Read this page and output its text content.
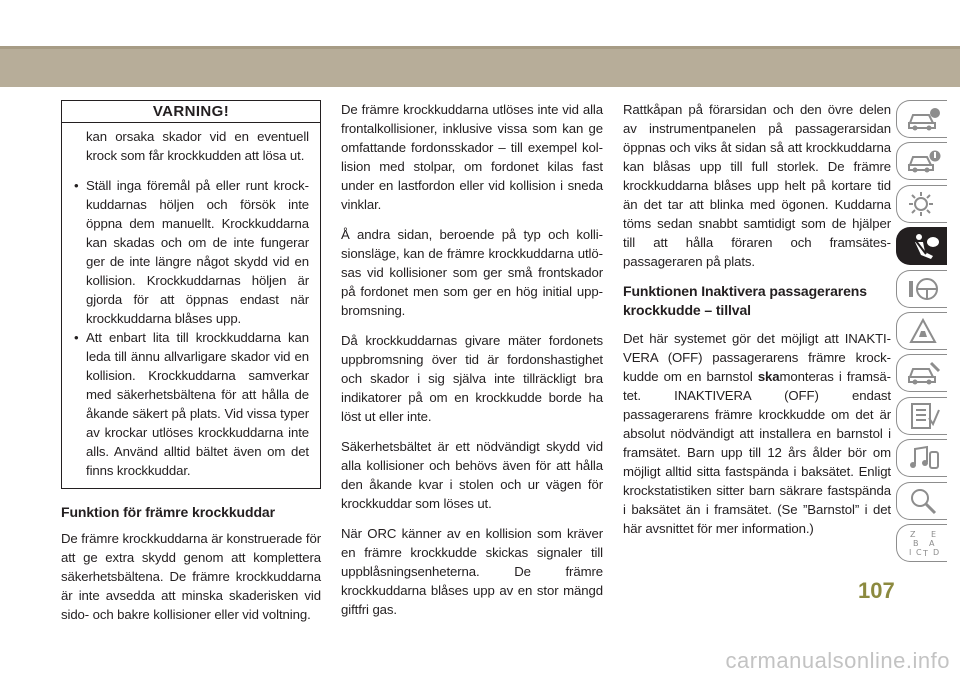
VARNING!

kan orsaka skador vid en eventuell krock som får krockkudden att lösa ut.

• Ställ inga föremål på eller runt krockkuddarnas höljen och försök inte öppna dem manuellt. Krockkuddarna kan skadas och om de inte fungerar ger de inte längre något skydd vid en kollision. Krockkuddarnas höljen är gjorda för att öppnas endast när krockkuddarna blåses upp.
• Att enbart lita till krockkuddarna kan leda till ännu allvarligare skador vid en kollision. Krockkuddarna samverkar med säkerhetsbältena för att hålla de åkande säkert på plats. Vid vissa typer av krockar utlöses krockkuddarna inte alls. Använd alltid bältet även om det finns krockkuddar.
Funktion för främre krockkuddar

De främre krockkuddarna är konstruerade för att ge extra skydd genom att komplettera säkerhetsbältena. De främre krockkuddarna är inte avsedda att minska skaderisken vid sido- och bakre kollisioner eller vid voltning.

De främre krockkuddarna utlöses inte vid alla frontalkollisioner, inklusive vissa som kan ge omfattande fordonsskador – till exempel kollision med stolpar, om fordonet kilas fast under en lastfordon eller vid kollision i sneda vinklar.

Å andra sidan, beroende på typ och kollisionsläge, kan de främre krockkuddarna utlösas vid kollisioner som ger små frontskador på fordonet men som ger en hög initial uppbromsning.

Då krockkuddarnas givare mäter fordonets uppbromsning över tid är fordonshastighet och skador i sig själva inte tillräckligt bra indikatorer på om en krockkudde borde ha löst ut eller inte.

Säkerhetsbältet är ett nödvändigt skydd vid alla kollisioner och behövs även för att hålla den åkande kvar i stolen och ur vägen för krockkuddar som löses ut.

När ORC känner av en kollision som kräver en främre krockkudde skickas signaler till uppblåsningsenheterna. De främre krockkuddarna blåses upp av en stor mängd giftfri gas.

Rattkåpan på förarsidan och den övre delen av instrumentpanelen på passagerarsidan öppnas och viks åt sidan så att krockkuddarna kan blåsas upp till full storlek. De främre krockkuddarna blåses upp helt på kortare tid än det tar att blinka med ögonen. Kuddarna töms sedan snabbt samtidigt som de hjälper till att hålla föraren och framsätespassageraren på plats.

Funktionen Inaktivera passagerarens krockkudde – tillval

Det här systemet gör det möjligt att INAKTIVERA (OFF) passagerarens främre krockkudde om en barnstol skamonteras i framsätet. INAKTIVERA (OFF) endast passagerarens främre krockkudde om det är absolut nödvändigt att installera en barnstol i framsätet. Barn upp till 12 års ålder bör om möjligt alltid sitta fastspända i baksätet. Enligt krockstatistiken sitter barn säkrare fastspända i baksätet än i framsätet. (Se ”Barnstol” i det här avsnittet för mer information.)	Z E
B A
I C D
T
107
carmanualsonline.info
